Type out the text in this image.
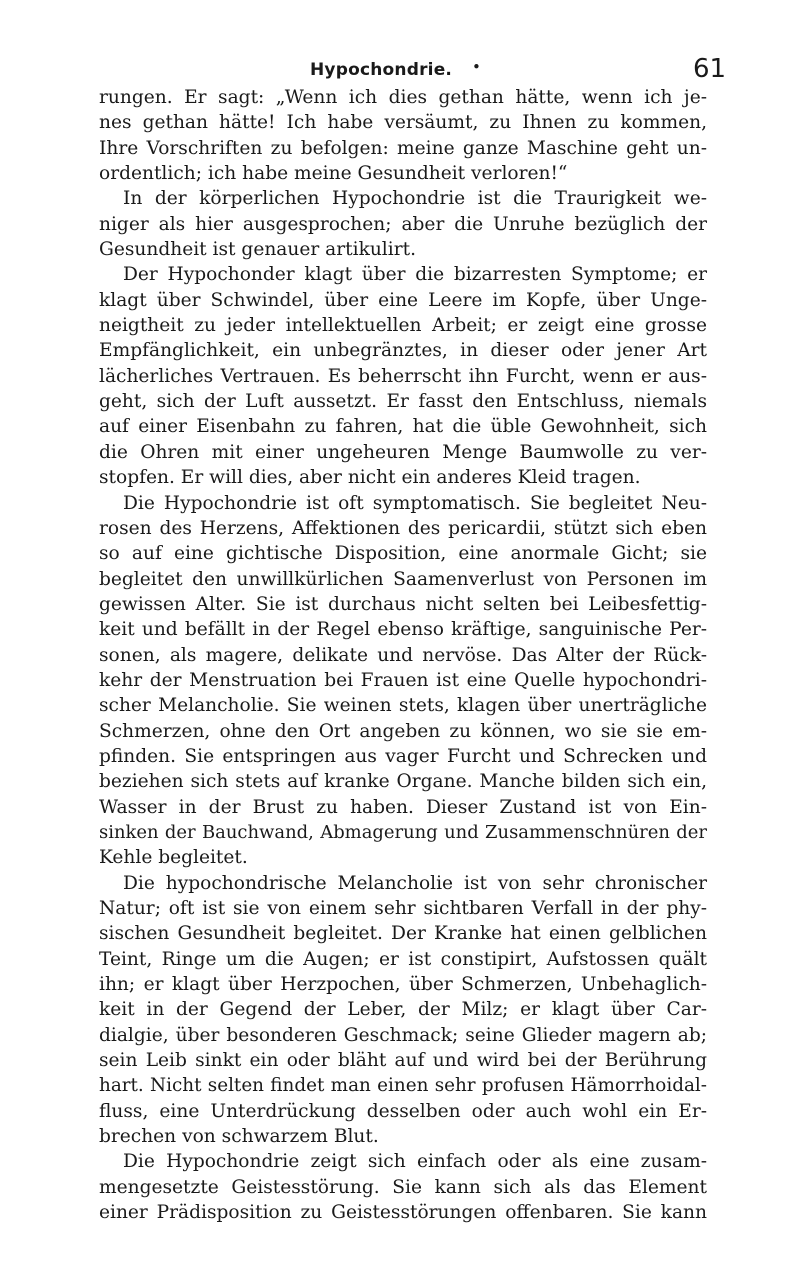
Hypochondrie. •	61
rungen. Er sagt: „Wenn ich dies gethan hätte, wenn ich je-
nes gethan hätte! Ich habe versäumt, zu Ihnen zu kommen,
Ihre Vorschriften zu befolgen: meine ganze Maschine geht un-
ordentlich; ich habe meine Gesundheit verloren!“
In der körperlichen Hypochondrie ist die Traurigkeit we-
niger als hier ausgesprochen; aber die Unruhe bezüglich der
Gesundheit ist genauer artikulirt.
Der Hypochonder klagt über die bizarresten Symptome; er
klagt über Schwindel, über eine Leere im Kopfe, über Unge-
neigtheit zu jeder intellektuellen Arbeit; er zeigt eine grosse
Empfänglichkeit, ein unbegränztes, in dieser oder jener Art
lächerliches Vertrauen. Es beherrscht ihn Furcht, wenn er aus-
geht, sich der Luft aussetzt. Er fasst den Entschluss, niemals
auf einer Eisenbahn zu fahren, hat die üble Gewohnheit, sich
die Ohren mit einer ungeheuren Menge Baumwolle zu ver-
stopfen. Er will dies, aber nicht ein anderes Kleid tragen.
Die Hypochondrie ist oft symptomatisch. Sie begleitet Neu-
rosen des Herzens, Affektionen des pericardii, stützt sich eben
so auf eine gichtische Disposition, eine anormale Gicht; sie
begleitet den unwillkürlichen Saamenverlust von Personen im
gewissen Alter. Sie ist durchaus nicht selten bei Leibesfettig-
keit und befällt in der Regel ebenso kräftige, sanguinische Per-
sonen, als magere, delikate und nervöse. Das Alter der Rück-
kehr der Menstruation bei Frauen ist eine Quelle hypochondri-
scher Melancholie. Sie weinen stets, klagen über unerträgliche
Schmerzen, ohne den Ort angeben zu können, wo sie sie em-
pfinden. Sie entspringen aus vager Furcht und Schrecken und
beziehen sich stets auf kranke Organe. Manche bilden sich ein,
Wasser in der Brust zu haben. Dieser Zustand ist von Ein-
sinken der Bauchwand, Abmagerung und Zusammenschnüren der
Kehle begleitet.
Die hypochondrische Melancholie ist von sehr chronischer
Natur; oft ist sie von einem sehr sichtbaren Verfall in der phy-
sischen Gesundheit begleitet. Der Kranke hat einen gelblichen
Teint, Ringe um die Augen; er ist constipirt, Aufstossen quält
ihn; er klagt über Herzpochen, über Schmerzen, Unbehaglich-
keit in der Gegend der Leber, der Milz; er klagt über Car-
dialgie, über besonderen Geschmack; seine Glieder magern ab;
sein Leib sinkt ein oder bläht auf und wird bei der Berührung
hart. Nicht selten findet man einen sehr profusen Hämorrhoidal-
fluss, eine Unterdrückung desselben oder auch wohl ein Er-
brechen von schwarzem Blut.
Die Hypochondrie zeigt sich einfach oder als eine zusam-
mengesetzte Geistesstörung. Sie kann sich als das Element
einer Prädisposition zu Geistesstörungen offenbaren. Sie kann
